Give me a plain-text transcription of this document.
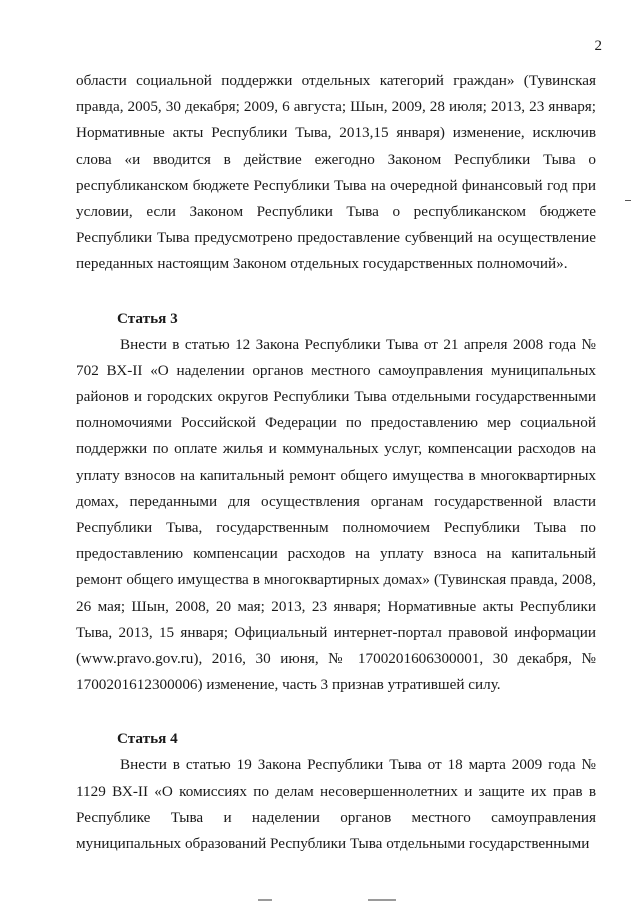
2

области социальной поддержки отдельных категорий граждан» (Тувинская правда, 2005, 30 декабря; 2009, 6 августа; Шын, 2009, 28 июля; 2013, 23 января; Нормативные акты Республики Тыва, 2013,15 января) изменение, исключив слова «и вводится в действие ежегодно Законом Республики Тыва о республиканском бюджете Республики Тыва на очередной финансовый год при условии, если Законом Республики Тыва о республиканском бюджете Республики Тыва предусмотрено предоставление субвенций на осуществление переданных настоящим Законом отдельных государственных полномочий».

Статья 3

Внести в статью 12 Закона Республики Тыва от 21 апреля 2008 года № 702 ВХ-II «О наделении органов местного самоуправления муниципальных районов и городских округов Республики Тыва отдельными государственными полномочиями Российской Федерации по предоставлению мер социальной поддержки по оплате жилья и коммунальных услуг, компенсации расходов на уплату взносов на капитальный ремонт общего имущества в многоквартирных домах, переданными для осуществления органам государственной власти Республики Тыва, государственным полномочием Республики Тыва по предоставлению компенсации расходов на уплату взноса на капитальный ремонт общего имущества в многоквартирных домах» (Тувинская правда, 2008, 26 мая; Шын, 2008, 20 мая; 2013, 23 января; Нормативные акты Республики Тыва, 2013, 15 января; Официальный интернет-портал правовой информации (www.pravo.gov.ru), 2016, 30 июня, № 1700201606300001, 30 декабря, № 1700201612300006) изменение, часть 3 признав утратившей силу.

Статья 4

Внести в статью 19 Закона Республики Тыва от 18 марта 2009 года № 1129 ВХ-II «О комиссиях по делам несовершеннолетних и защите их прав в Республике Тыва и наделении органов местного самоуправления муниципальных образований Республики Тыва отдельными государственными
